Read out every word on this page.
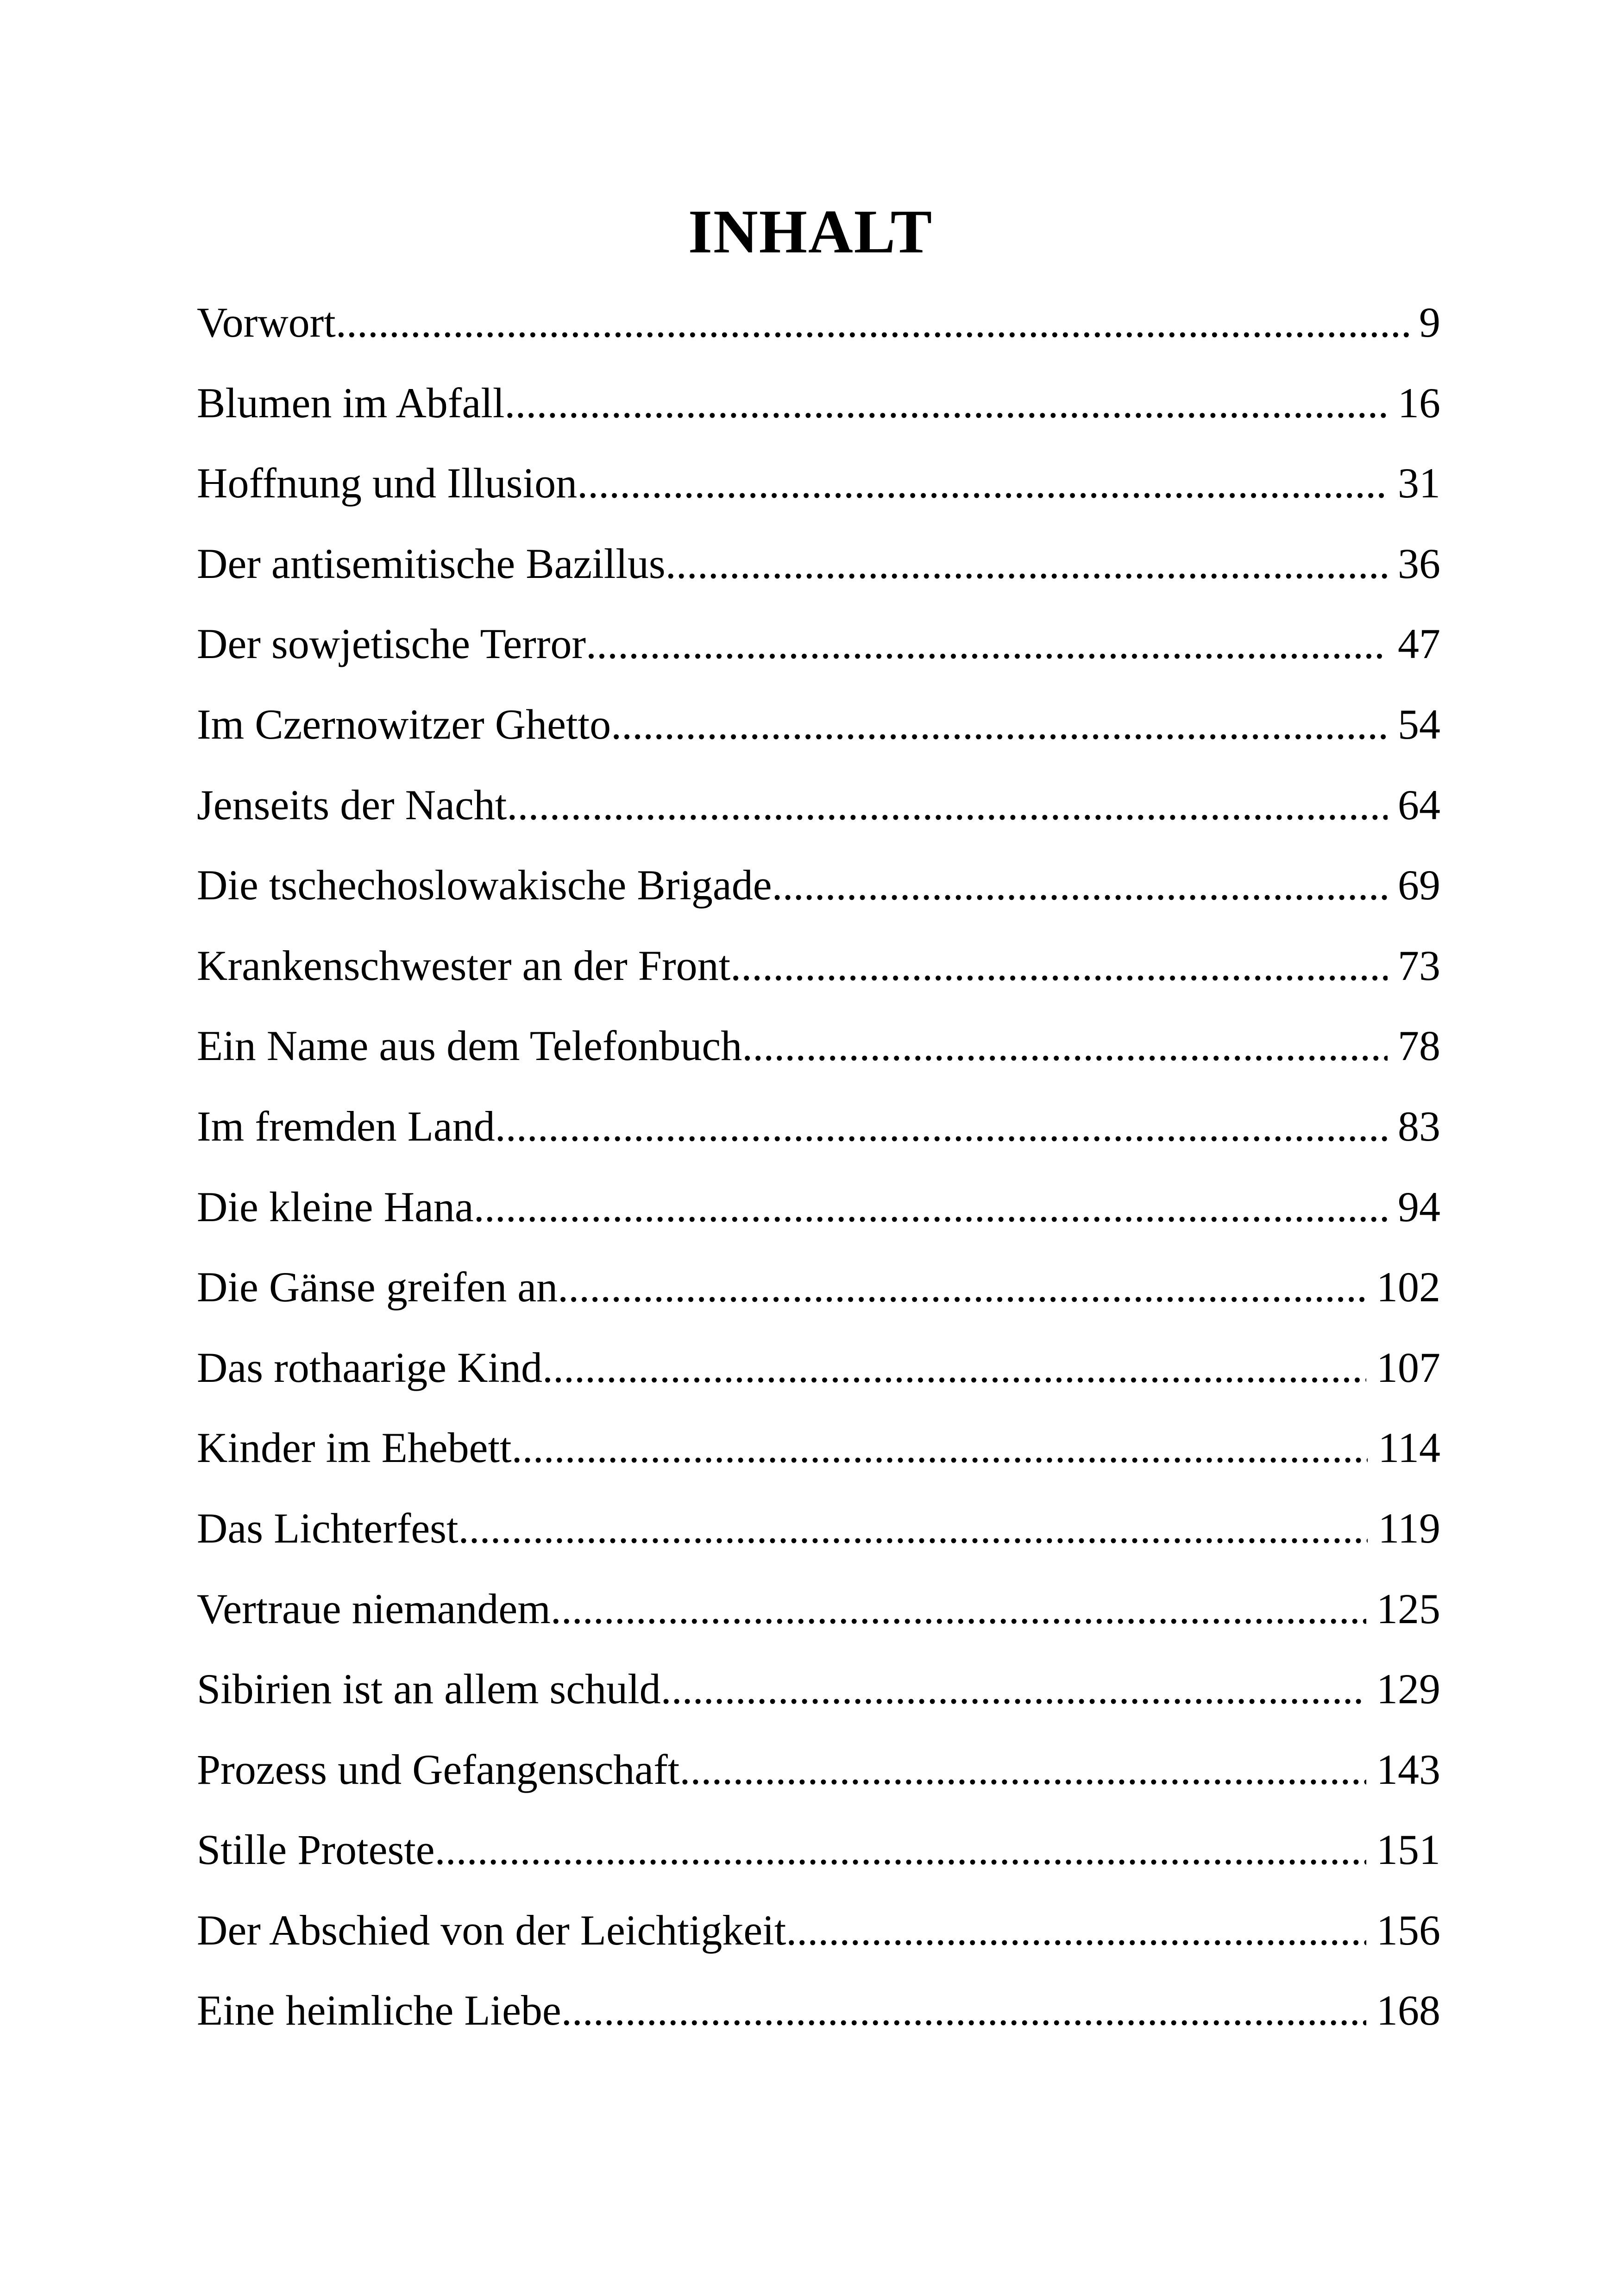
INHALT
Vorwort .....	9
Blumen im Abfall .....	16
Hoffnung und Illusion .....	31
Der antisemitische Bazillus .....	36
Der sowjetische Terror .....	47
Im Czernowitzer Ghetto .....	54
Jenseits der Nacht .....	64
Die tschechoslowakische Brigade .....	69
Krankenschwester an der Front .....	73
Ein Name aus dem Telefonbuch .....	78
Im fremden Land .....	83
Die kleine Hana .....	94
Die Gänse greifen an .....	102
Das rothaarige Kind .....	107
Kinder im Ehebett .....	114
Das Lichterfest .....	119
Vertraue niemandem .....	125
Sibirien ist an allem schuld .....	129
Prozess und Gefangenschaft .....	143
Stille Proteste .....	151
Der Abschied von der Leichtigkeit .....	156
Eine heimliche Liebe .....	168
